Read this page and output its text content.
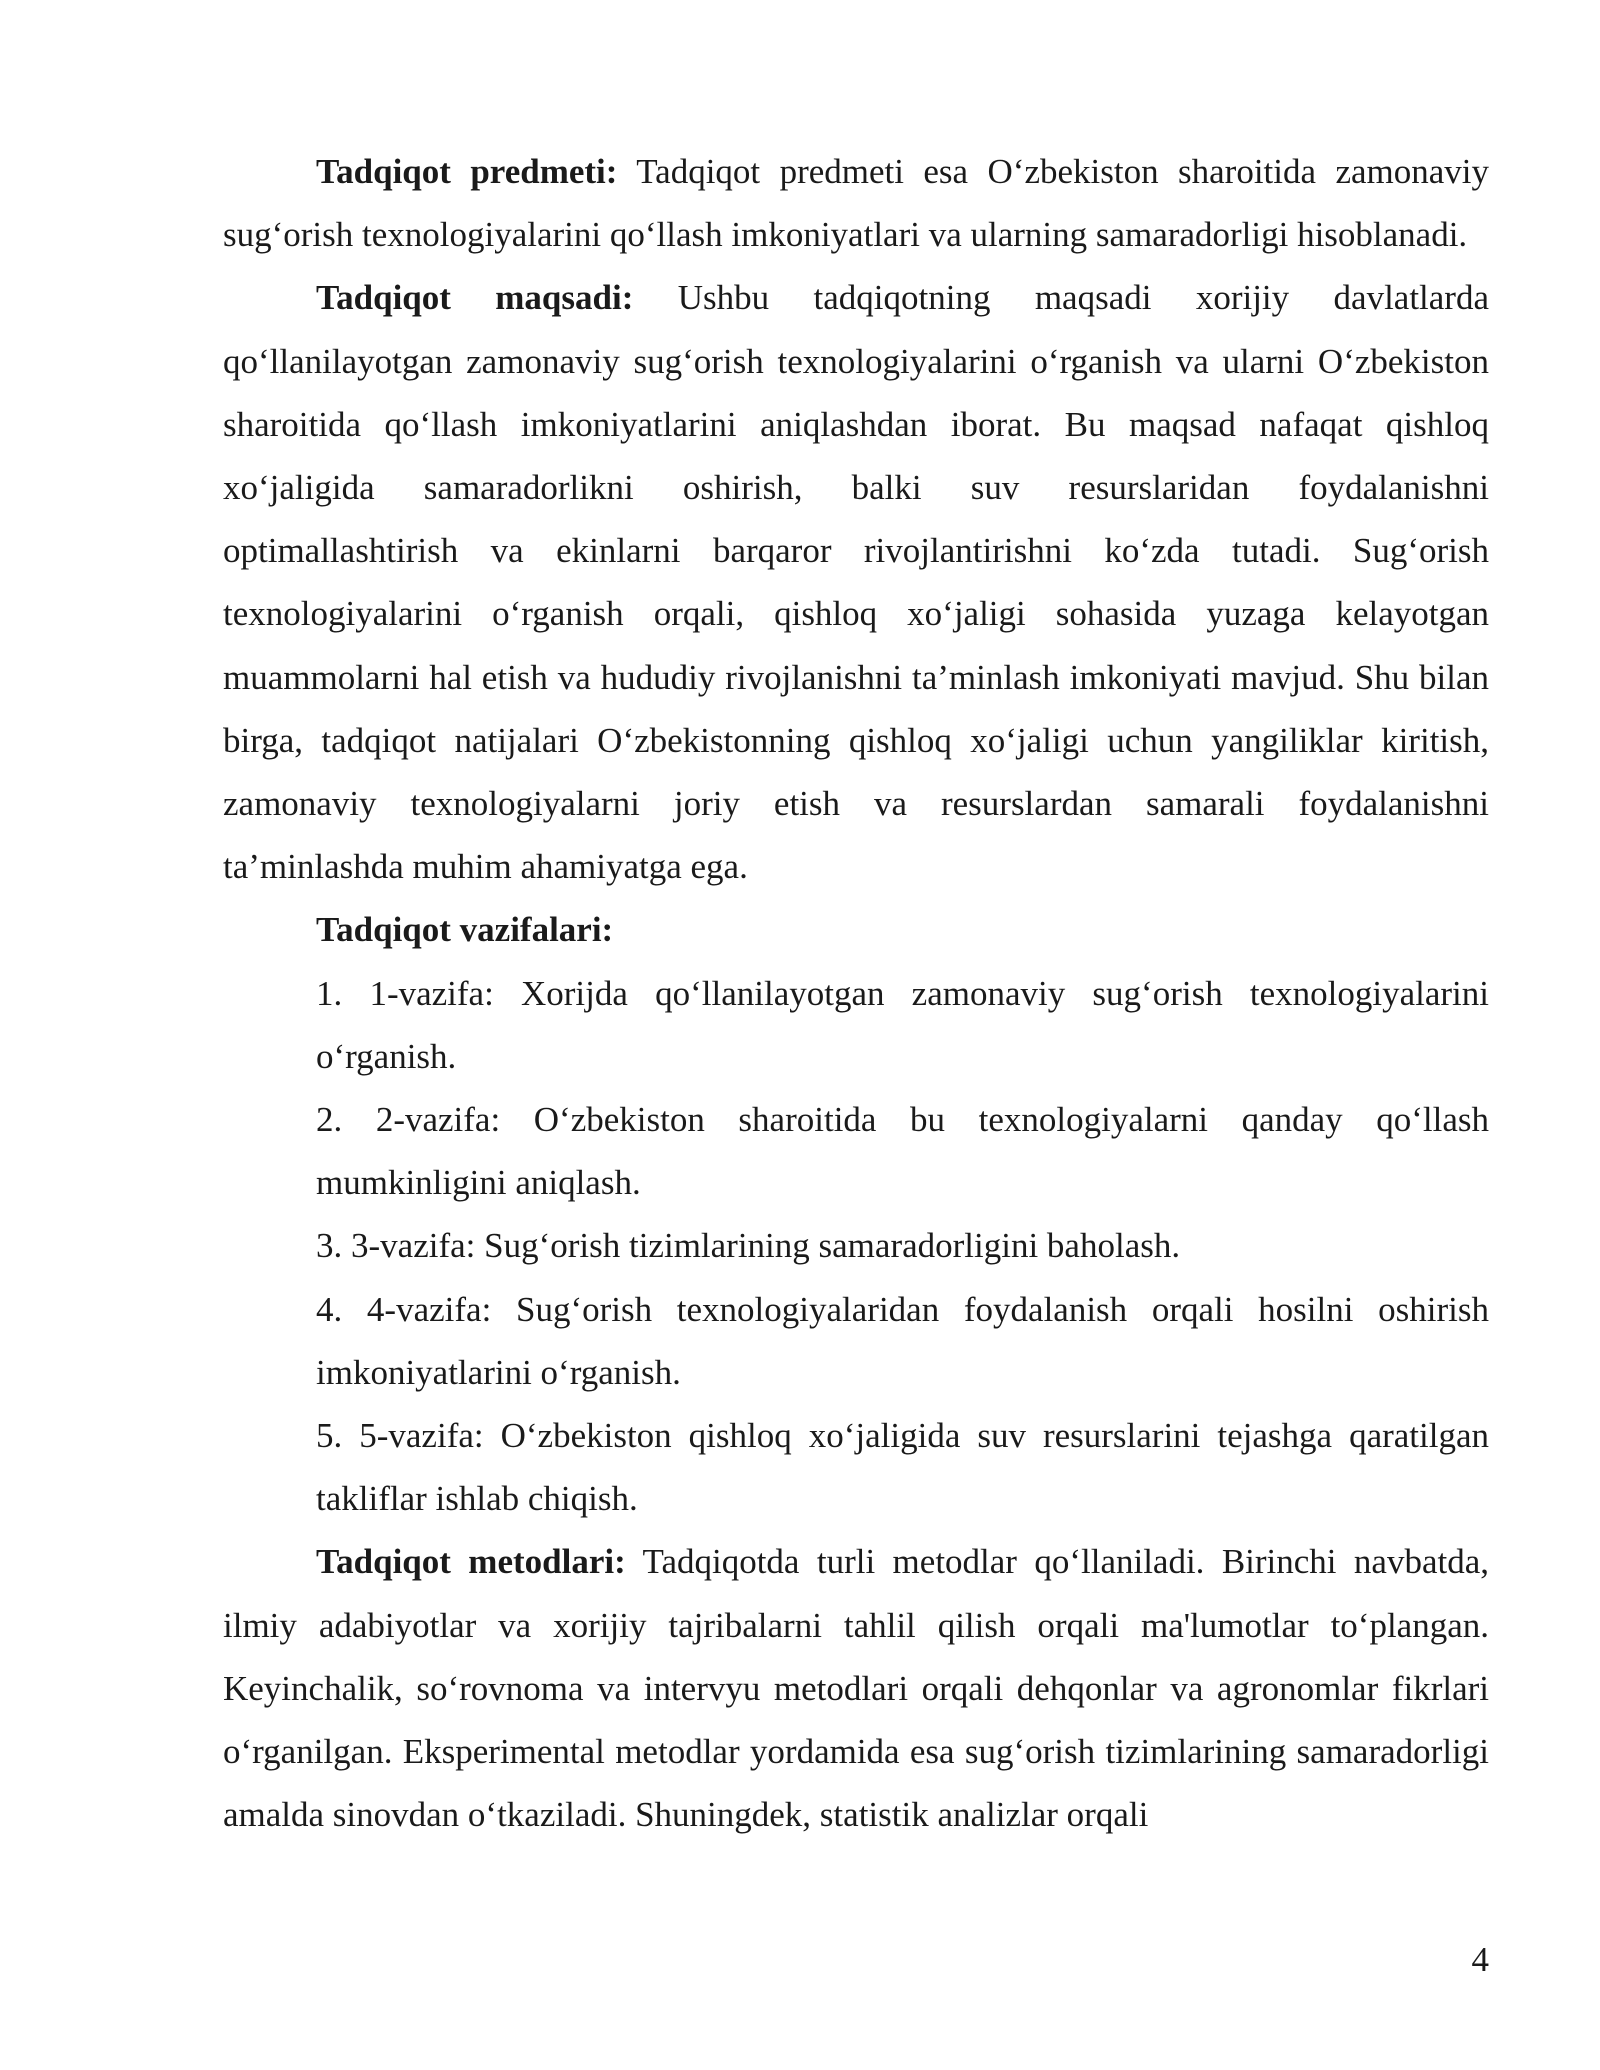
Tadqiqot predmeti: Tadqiqot predmeti esa O‘zbekiston sharoitida zamonaviy sug‘orish texnologiyalarini qo‘llash imkoniyatlari va ularning samaradorligi hisoblanadi.

Tadqiqot maqsadi: Ushbu tadqiqotning maqsadi xorijiy davlatlarda qo‘llanilayotgan zamonaviy sug‘orish texnologiyalarini o‘rganish va ularni O‘zbekiston sharoitida qo‘llash imkoniyatlarini aniqlashdan iborat. Bu maqsad nafaqat qishloq xo‘jaligida samaradorlikni oshirish, balki suv resurslaridan foydalanishni optimallashtirish va ekinlarni barqaror rivojlantirishni ko‘zda tutadi. Sug‘orish texnologiyalarini o‘rganish orqali, qishloq xo‘jaligi sohasida yuzaga kelayotgan muammolarni hal etish va hududiy rivojlanishni ta’minlash imkoniyati mavjud. Shu bilan birga, tadqiqot natijalari O‘zbekistonning qishloq xo‘jaligi uchun yangiliklar kiritish, zamonaviy texnologiyalarni joriy etish va resurslardan samarali foydalanishni ta’minlashda muhim ahamiyatga ega.

Tadqiqot vazifalari:

1. 1-vazifa: Xorijda qo‘llanilayotgan zamonaviy sug‘orish texnologiyalarini o‘rganish.

2. 2-vazifa: O‘zbekiston sharoitida bu texnologiyalarni qanday qo‘llash mumkinligini aniqlash.

3. 3-vazifa: Sug‘orish tizimlarining samaradorligini baholash.

4. 4-vazifa: Sug‘orish texnologiyalaridan foydalanish orqali hosilni oshirish imkoniyatlarini o‘rganish.

5. 5-vazifa: O‘zbekiston qishloq xo‘jaligida suv resurslarini tejashga qaratilgan takliflar ishlab chiqish.

Tadqiqot metodlari: Tadqiqotda turli metodlar qo‘llaniladi. Birinchi navbatda, ilmiy adabiyotlar va xorijiy tajribalarni tahlil qilish orqali ma'lumotlar to‘plangan. Keyinchalik, so‘rovnoma va intervyu metodlari orqali dehqonlar va agronomlar fikrlari o‘rganilgan. Eksperimental metodlar yordamida esa sug‘orish tizimlarining samaradorligi amalda sinovdan o‘tkaziladi. Shuningdek, statistik analizlar orqali

4
